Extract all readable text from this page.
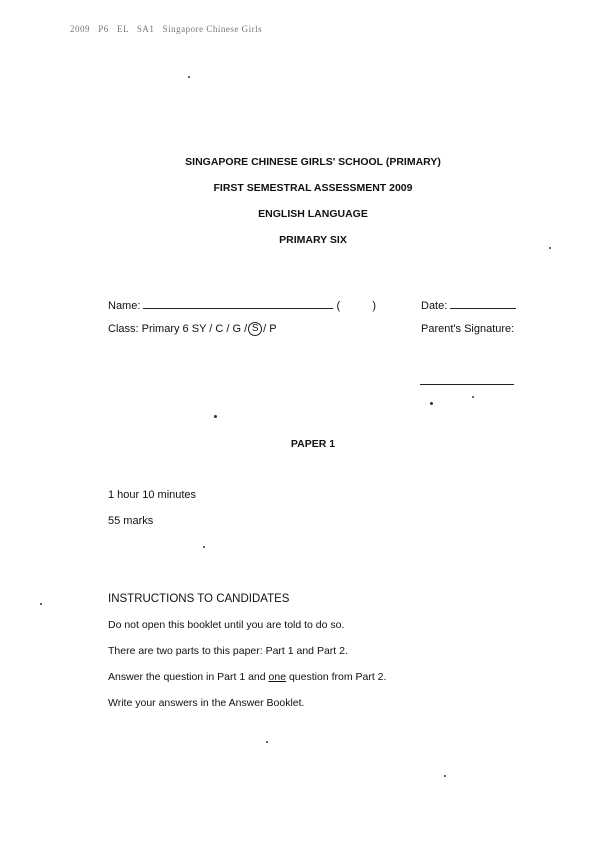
2009   P6   EL   SA1   Singapore Chinese Girls
SINGAPORE CHINESE GIRLS' SCHOOL (PRIMARY)
FIRST SEMESTRAL ASSESSMENT 2009
ENGLISH LANGUAGE
PRIMARY SIX
Name:	(	)	Date:
Class: Primary 6 SY / C / G / S / P	Parent's Signature:
PAPER 1
1 hour 10 minutes
55 marks
INSTRUCTIONS TO CANDIDATES
Do not open this booklet until you are told to do so.
There are two parts to this paper: Part 1 and Part 2.
Answer the question in Part 1 and one question from Part 2.
Write your answers in the Answer Booklet.
